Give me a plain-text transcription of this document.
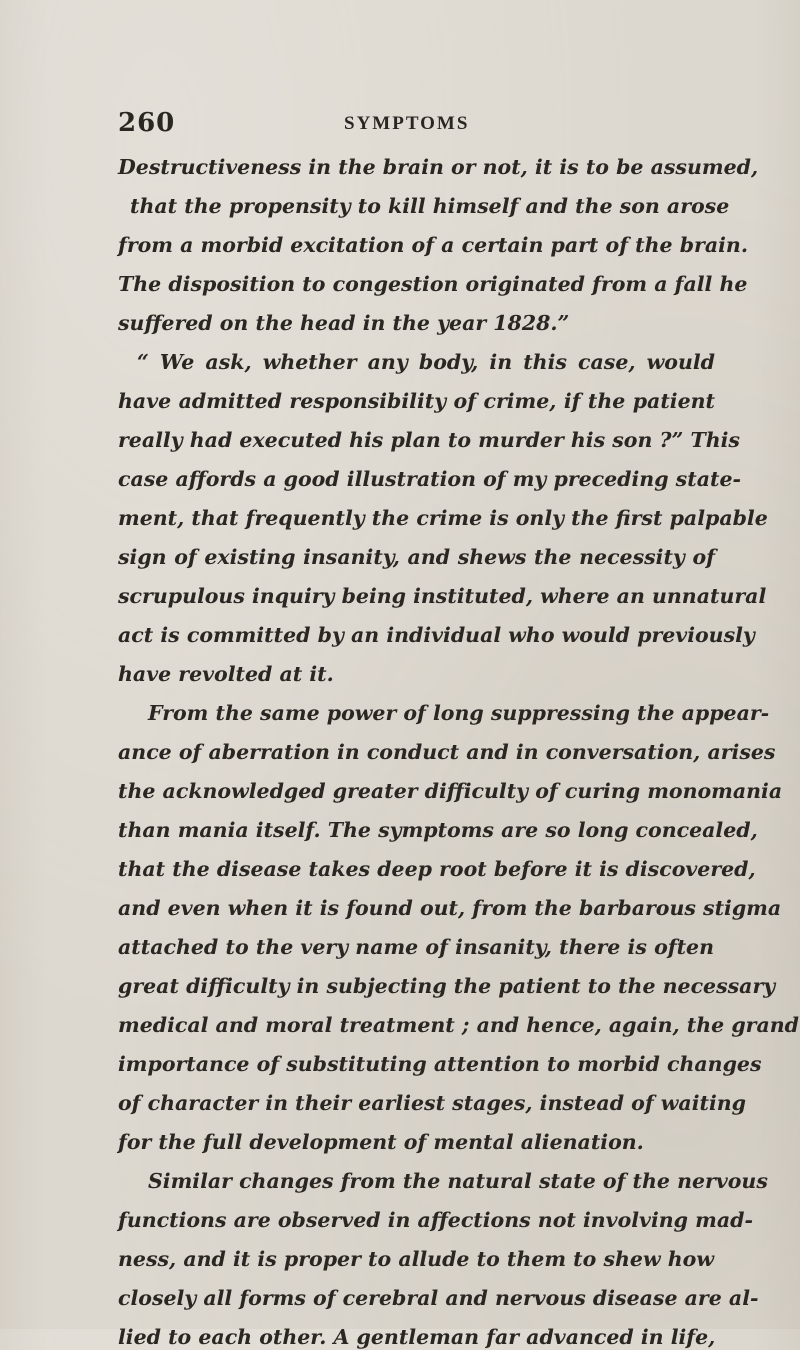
260	SYMPTOMS
Destructiveness in the brain or not, it is to be assumed,
that the propensity to kill himself and the son arose
from a morbid excitation of a certain part of the brain.
The disposition to congestion originated from a fall he
suffered on the head in the year 1828.”
“ We ask, whether any body, in this case, would
have admitted responsibility of crime, if the patient
really had executed his plan to murder his son ?” This
case affords a good illustration of my preceding state-
ment, that frequently the crime is only the first palpable
sign of existing insanity, and shews the necessity of
scrupulous inquiry being instituted, where an unnatural
act is committed by an individual who would previously
have revolted at it.
From the same power of long suppressing the appear-
ance of aberration in conduct and in conversation, arises
the acknowledged greater difficulty of curing monomania
than mania itself. The symptoms are so long concealed,
that the disease takes deep root before it is discovered,
and even when it is found out, from the barbarous stigma
attached to the very name of insanity, there is often
great difficulty in subjecting the patient to the necessary
medical and moral treatment ; and hence, again, the grand
importance of substituting attention to morbid changes
of character in their earliest stages, instead of waiting
for the full development of mental alienation.
Similar changes from the natural state of the nervous
functions are observed in affections not involving mad-
ness, and it is proper to allude to them to shew how
closely all forms of cerebral and nervous disease are al-
lied to each other. A gentleman far advanced in life,
